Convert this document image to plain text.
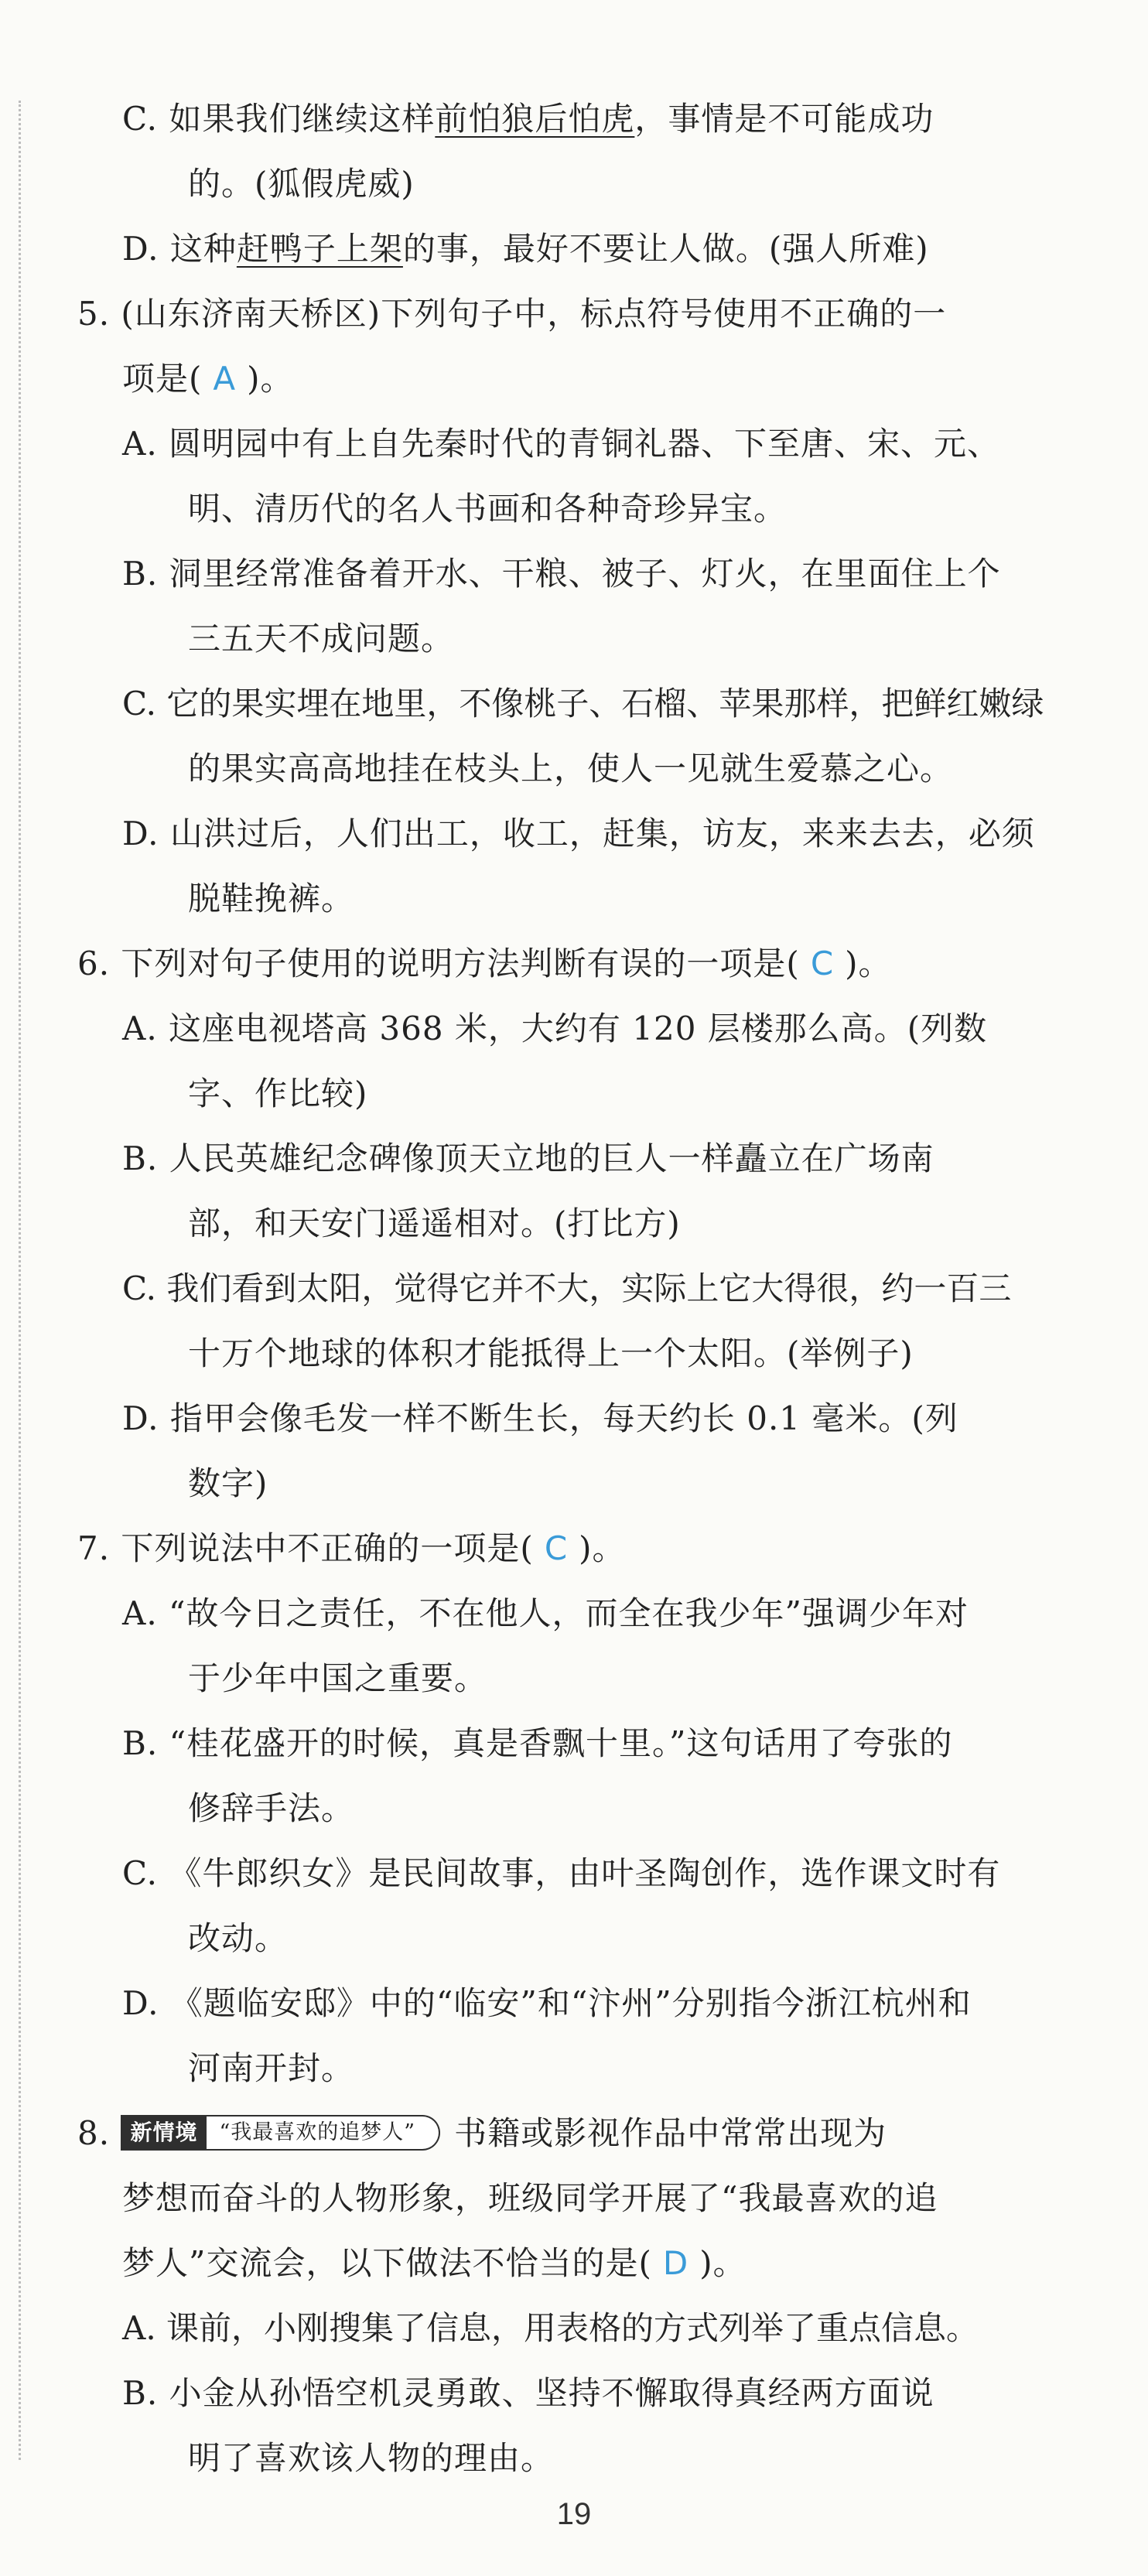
C. 如果我们继续这样前怕狼后怕虎，事情是不可能成功
的。(狐假虎威)
D. 这种赶鸭子上架的事，最好不要让人做。(强人所难)
5. (山东济南天桥区)下列句子中，标点符号使用不正确的一
项是( A )。
A. 圆明园中有上自先秦时代的青铜礼器、下至唐、宋、元、
明、清历代的名人书画和各种奇珍异宝。
B. 洞里经常准备着开水、干粮、被子、灯火，在里面住上个
三五天不成问题。
C. 它的果实埋在地里，不像桃子、石榴、苹果那样，把鲜红嫩绿
的果实高高地挂在枝头上，使人一见就生爱慕之心。
D. 山洪过后，人们出工，收工，赶集，访友，来来去去，必须
脱鞋挽裤。
6. 下列对句子使用的说明方法判断有误的一项是( C )。
A. 这座电视塔高 368 米，大约有 120 层楼那么高。(列数
字、作比较)
B. 人民英雄纪念碑像顶天立地的巨人一样矗立在广场南
部，和天安门遥遥相对。(打比方)
C. 我们看到太阳，觉得它并不大，实际上它大得很，约一百三
十万个地球的体积才能抵得上一个太阳。(举例子)
D. 指甲会像毛发一样不断生长，每天约长 0.1 毫米。(列
数字)
7. 下列说法中不正确的一项是( C )。
A. “故今日之责任，不在他人，而全在我少年”强调少年对
于少年中国之重要。
B. “桂花盛开的时候，真是香飘十里。”这句话用了夸张的
修辞手法。
C. 《牛郎织女》是民间故事，由叶圣陶创作，选作课文时有
改动。
D. 《题临安邸》中的“临安”和“汴州”分别指今浙江杭州和
河南开封。
8. 新情境 “我最喜欢的追梦人” 书籍或影视作品中常常出现为
梦想而奋斗的人物形象，班级同学开展了“我最喜欢的追
梦人”交流会，以下做法不恰当的是( D )。
A. 课前，小刚搜集了信息，用表格的方式列举了重点信息。
B. 小金从孙悟空机灵勇敢、坚持不懈取得真经两方面说
明了喜欢该人物的理由。
19
